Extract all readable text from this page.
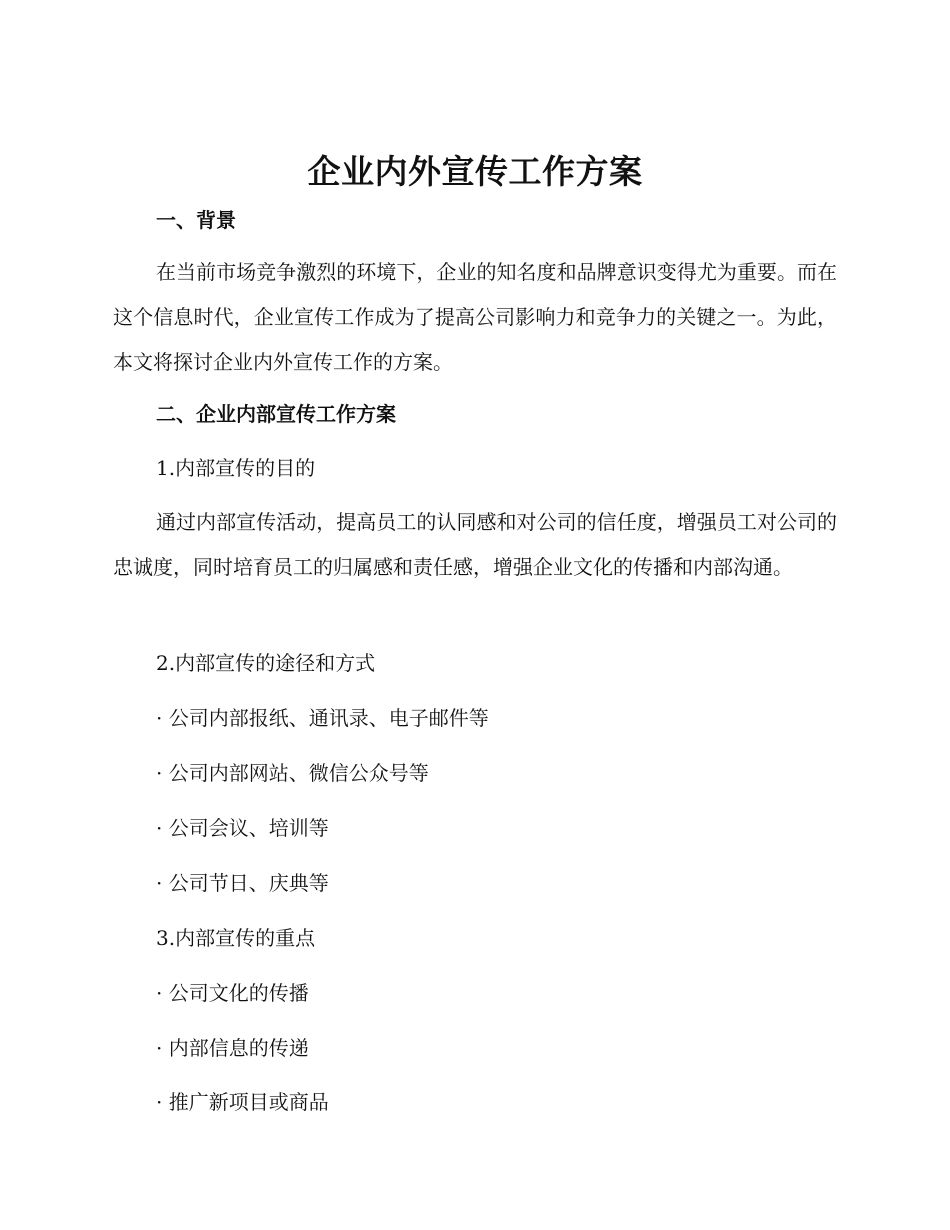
企业内外宣传工作方案
一、背景

在当前市场竞争激烈的环境下，企业的知名度和品牌意识变得尤为重要。而在这个信息时代，企业宣传工作成为了提高公司影响力和竞争力的关键之一。为此，本文将探讨企业内外宣传工作的方案。

二、企业内部宣传工作方案

1.内部宣传的目的

通过内部宣传活动，提高员工的认同感和对公司的信任度，增强员工对公司的忠诚度，同时培育员工的归属感和责任感，增强企业文化的传播和内部沟通。

2.内部宣传的途径和方式

· 公司内部报纸、通讯录、电子邮件等

· 公司内部网站、微信公众号等

· 公司会议、培训等

· 公司节日、庆典等

3.内部宣传的重点

· 公司文化的传播

· 内部信息的传递

· 推广新项目或商品
